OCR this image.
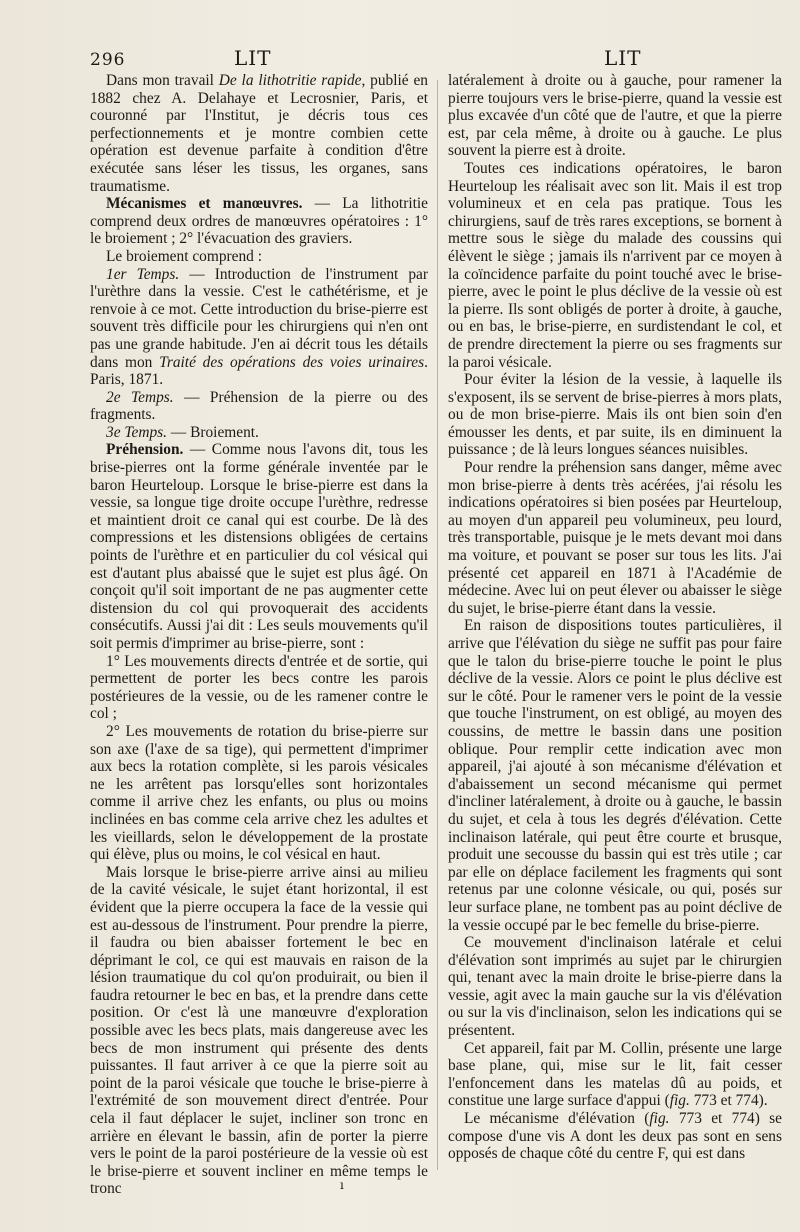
296	LIT	LIT

Dans mon travail De la lithotritie rapide, publié en 1882 chez A. Delahaye et Lecrosnier, Paris, et couronné par l'Institut, je décris tous ces perfectionnements et je montre combien cette opération est devenue parfaite à condition d'être exécutée sans léser les tissus, les organes, sans traumatisme.

Mécanismes et manœuvres. — La lithotritie comprend deux ordres de manœuvres opératoires : 1° le broiement ; 2° l'évacuation des graviers.

Le broiement comprend :

1er Temps. — Introduction de l'instrument par l'urèthre dans la vessie. C'est le cathétérisme, et je renvoie à ce mot. Cette introduction du brise-pierre est souvent très difficile pour les chirurgiens qui n'en ont pas une grande habitude. J'en ai décrit tous les détails dans mon Traité des opérations des voies urinaires. Paris, 1871.

2e Temps. — Préhension de la pierre ou des fragments.

3e Temps. — Broiement.

Préhension. — Comme nous l'avons dit, tous les brise-pierres ont la forme générale inventée par le baron Heurteloup. Lorsque le brise-pierre est dans la vessie, sa longue tige droite occupe l'urèthre, redresse et maintient droit ce canal qui est courbe. De là des compressions et les distensions obligées de certains points de l'urèthre et en particulier du col vésical qui est d'autant plus abaissé que le sujet est plus âgé. On conçoit qu'il soit important de ne pas augmenter cette distension du col qui provoquerait des accidents consécutifs. Aussi j'ai dit : Les seuls mouvements qu'il soit permis d'imprimer au brise-pierre, sont :

1° Les mouvements directs d'entrée et de sortie, qui permettent de porter les becs contre les parois postérieures de la vessie, ou de les ramener contre le col ;

2° Les mouvements de rotation du brise-pierre sur son axe (l'axe de sa tige), qui permettent d'imprimer aux becs la rotation complète, si les parois vésicales ne les arrêtent pas lorsqu'elles sont horizontales comme il arrive chez les enfants, ou plus ou moins inclinées en bas comme cela arrive chez les adultes et les vieillards, selon le développement de la prostate qui élève, plus ou moins, le col vésical en haut.

Mais lorsque le brise-pierre arrive ainsi au milieu de la cavité vésicale, le sujet étant horizontal, il est évident que la pierre occupera la face de la vessie qui est au-dessous de l'instrument. Pour prendre la pierre, il faudra ou bien abaisser fortement le bec en déprimant le col, ce qui est mauvais en raison de la lésion traumatique du col qu'on produirait, ou bien il faudra retourner le bec en bas, et la prendre dans cette position. Or c'est là une manœuvre d'exploration possible avec les becs plats, mais dangereuse avec les becs de mon instrument qui présente des dents puissantes. Il faut arriver à ce que la pierre soit au point de la paroi vésicale que touche le brise-pierre à l'extrémité de son mouvement direct d'entrée. Pour cela il faut déplacer le sujet, incliner son tronc en arrière en élevant le bassin, afin de porter la pierre vers le point de la paroi postérieure de la vessie où est le brise-pierre et souvent incliner en même temps le tronc

latéralement à droite ou à gauche, pour ramener la pierre toujours vers le brise-pierre, quand la vessie est plus excavée d'un côté que de l'autre, et que la pierre est, par cela même, à droite ou à gauche. Le plus souvent la pierre est à droite.

Toutes ces indications opératoires, le baron Heurteloup les réalisait avec son lit. Mais il est trop volumineux et en cela pas pratique. Tous les chirurgiens, sauf de très rares exceptions, se bornent à mettre sous le siège du malade des coussins qui élèvent le siège ; jamais ils n'arrivent par ce moyen à la coïncidence parfaite du point touché avec le brise-pierre, avec le point le plus déclive de la vessie où est la pierre. Ils sont obligés de porter à droite, à gauche, ou en bas, le brise-pierre, en surdistendant le col, et de prendre directement la pierre ou ses fragments sur la paroi vésicale.

Pour éviter la lésion de la vessie, à laquelle ils s'exposent, ils se servent de brise-pierres à mors plats, ou de mon brise-pierre. Mais ils ont bien soin d'en émousser les dents, et par suite, ils en diminuent la puissance ; de là leurs longues séances nuisibles.

Pour rendre la préhension sans danger, même avec mon brise-pierre à dents très acérées, j'ai résolu les indications opératoires si bien posées par Heurteloup, au moyen d'un appareil peu volumineux, peu lourd, très transportable, puisque je le mets devant moi dans ma voiture, et pouvant se poser sur tous les lits. J'ai présenté cet appareil en 1871 à l'Académie de médecine. Avec lui on peut élever ou abaisser le siège du sujet, le brise-pierre étant dans la vessie.

En raison de dispositions toutes particulières, il arrive que l'élévation du siège ne suffit pas pour faire que le talon du brise-pierre touche le point le plus déclive de la vessie. Alors ce point le plus déclive est sur le côté. Pour le ramener vers le point de la vessie que touche l'instrument, on est obligé, au moyen des coussins, de mettre le bassin dans une position oblique. Pour remplir cette indication avec mon appareil, j'ai ajouté à son mécanisme d'élévation et d'abaissement un second mécanisme qui permet d'incliner latéralement, à droite ou à gauche, le bassin du sujet, et cela à tous les degrés d'élévation. Cette inclinaison latérale, qui peut être courte et brusque, produit une secousse du bassin qui est très utile ; car par elle on déplace facilement les fragments qui sont retenus par une colonne vésicale, ou qui, posés sur leur surface plane, ne tombent pas au point déclive de la vessie occupé par le bec femelle du brise-pierre.

Ce mouvement d'inclinaison latérale et celui d'élévation sont imprimés au sujet par le chirurgien qui, tenant avec la main droite le brise-pierre dans la vessie, agit avec la main gauche sur la vis d'élévation ou sur la vis d'inclinaison, selon les indications qui se présentent.

Cet appareil, fait par M. Collin, présente une large base plane, qui, mise sur le lit, fait cesser l'enfoncement dans les matelas dû au poids, et constitue une large surface d'appui (fig. 773 et 774).

Le mécanisme d'élévation (fig. 773 et 774) se compose d'une vis A dont les deux pas sont en sens opposés de chaque côté du centre F, qui est dans

ı
